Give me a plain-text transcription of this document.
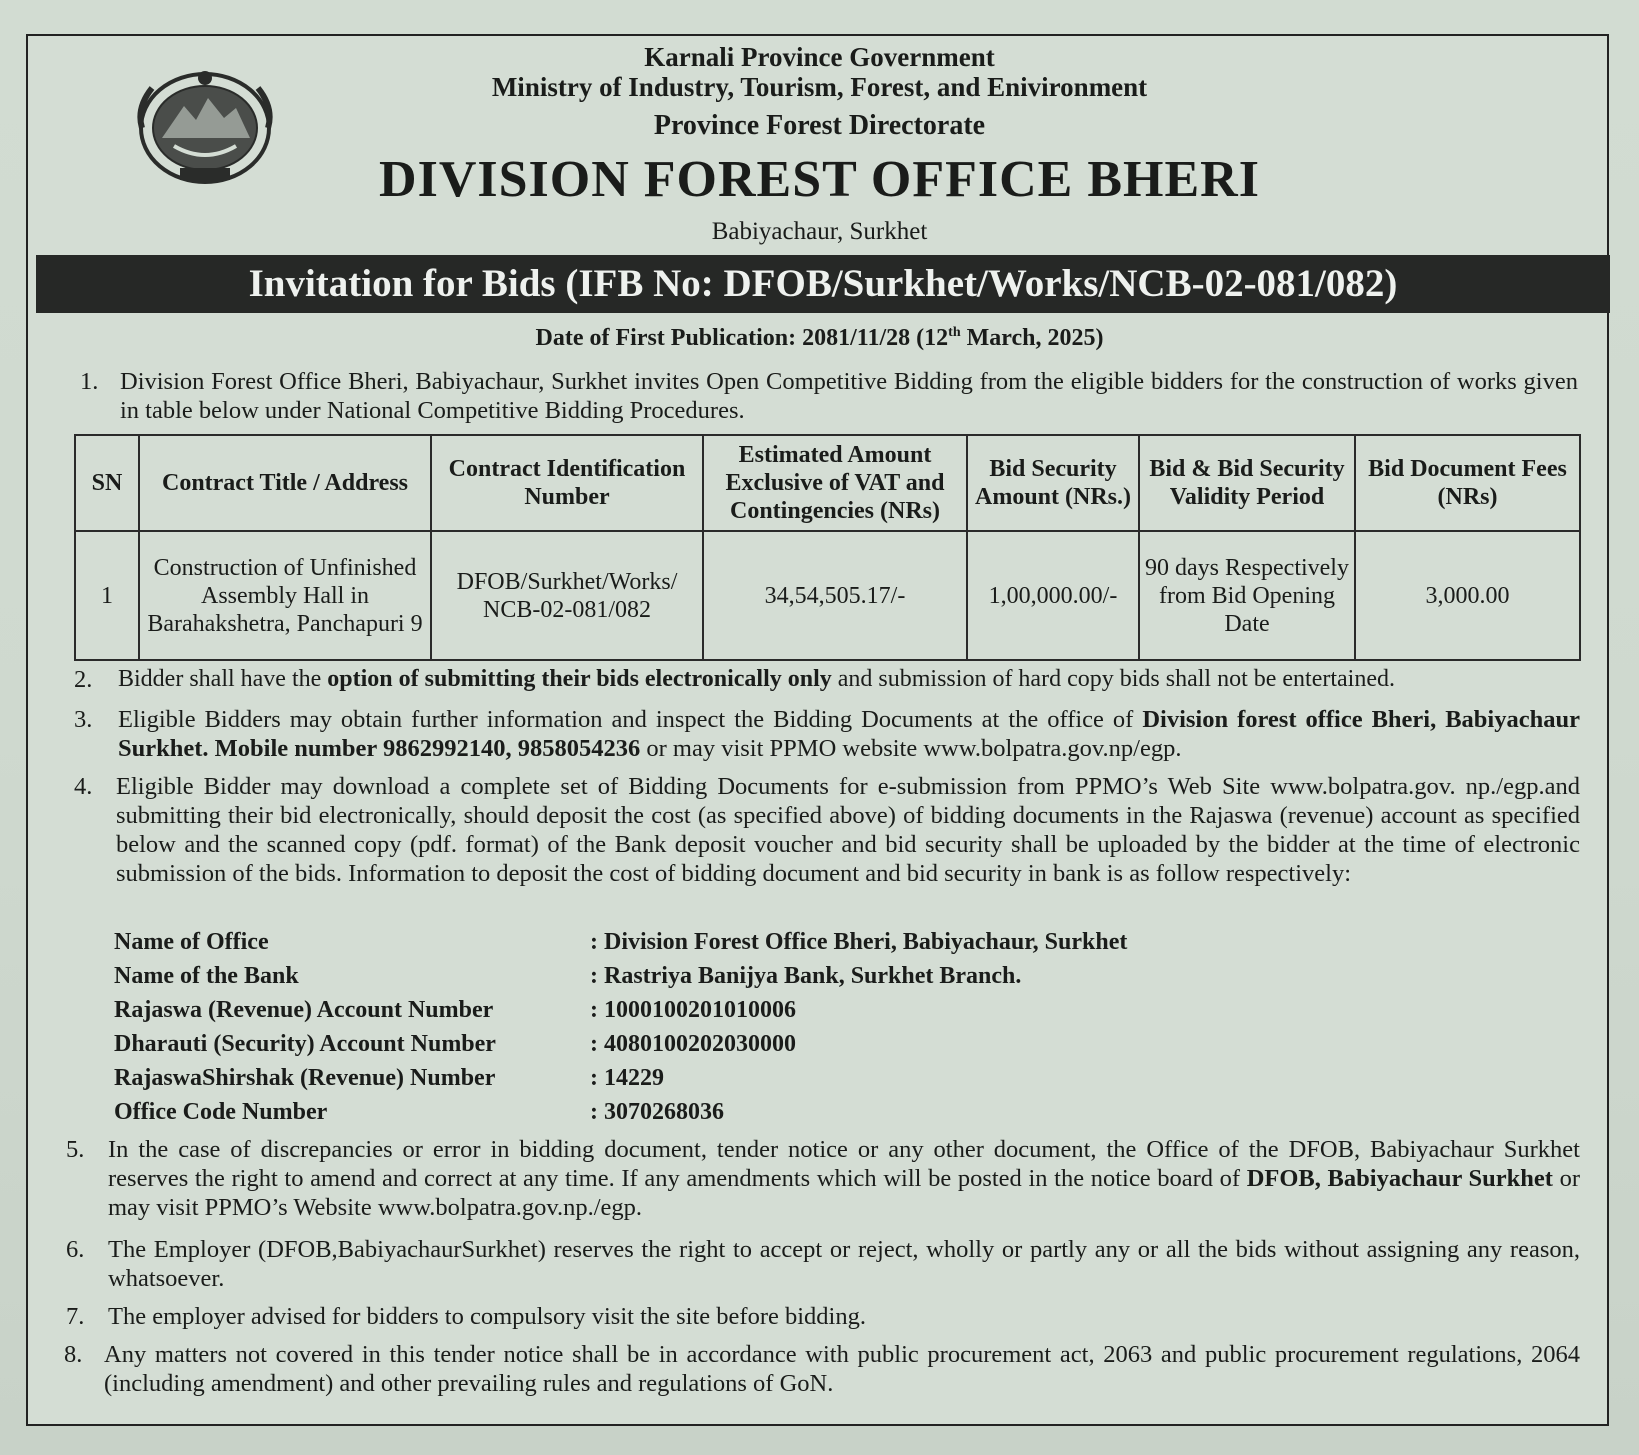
Karnali Province Government
Ministry of Industry, Tourism, Forest, and Enivironment
Province Forest Directorate
DIVISION FOREST OFFICE BHERI
Babiyachaur, Surkhet
Invitation for Bids (IFB No: DFOB/Surkhet/Works/NCB-02-081/082)
Date of First Publication: 2081/11/28 (12th March, 2025)
1. Division Forest Office Bheri, Babiyachaur, Surkhet invites Open Competitive Bidding from the eligible bidders for the construction of works given in table below under National Competitive Bidding Procedures.
SN	Contract Title / Address	Contract Identification Number	Estimated Amount Exclusive of VAT and Contingencies (NRs)	Bid Security Amount (NRs.)	Bid & Bid Security Validity Period	Bid Document Fees (NRs)
1	Construction of Unfinished Assembly Hall in Barahakshetra, Panchapuri 9	DFOB/Surkhet/Works/ NCB-02-081/082	34,54,505.17/-	1,00,000.00/-	90 days Respectively from Bid Opening Date	3,000.00
2. Bidder shall have the option of submitting their bids electronically only and submission of hard copy bids shall not be entertained.
3. Eligible Bidders may obtain further information and inspect the Bidding Documents at the office of Division forest office Bheri, Babiyachaur Surkhet. Mobile number 9862992140, 9858054236 or may visit PPMO website www.bolpatra.gov.np/egp.
4. Eligible Bidder may download a complete set of Bidding Documents for e-submission from PPMO’s Web Site www.bolpatra.gov. np./egp.and submitting their bid electronically, should deposit the cost (as specified above) of bidding documents in the Rajaswa (revenue) account as specified below and the scanned copy (pdf. format) of the Bank deposit voucher and bid security shall be uploaded by the bidder at the time of electronic submission of the bids. Information to deposit the cost of bidding document and bid security in bank is as follow respectively:
Name of Office	: Division Forest Office Bheri, Babiyachaur, Surkhet
Name of the Bank	: Rastriya Banijya Bank, Surkhet Branch.
Rajaswa (Revenue) Account Number	: 1000100201010006
Dharauti (Security) Account Number	: 4080100202030000
RajaswaShirshak (Revenue) Number	: 14229
Office Code Number	: 3070268036
5. In the case of discrepancies or error in bidding document, tender notice or any other document, the Office of the DFOB, Babiyachaur Surkhet reserves the right to amend and correct at any time. If any amendments which will be posted in the notice board of DFOB, Babiyachaur Surkhet or may visit PPMO’s Website www.bolpatra.gov.np./egp.
6. The Employer (DFOB,BabiyachaurSurkhet) reserves the right to accept or reject, wholly or partly any or all the bids without assigning any reason, whatsoever.
7. The employer advised for bidders to compulsory visit the site before bidding.
8. Any matters not covered in this tender notice shall be in accordance with public procurement act, 2063 and public procurement regulations, 2064 (including amendment) and other prevailing rules and regulations of GoN.
